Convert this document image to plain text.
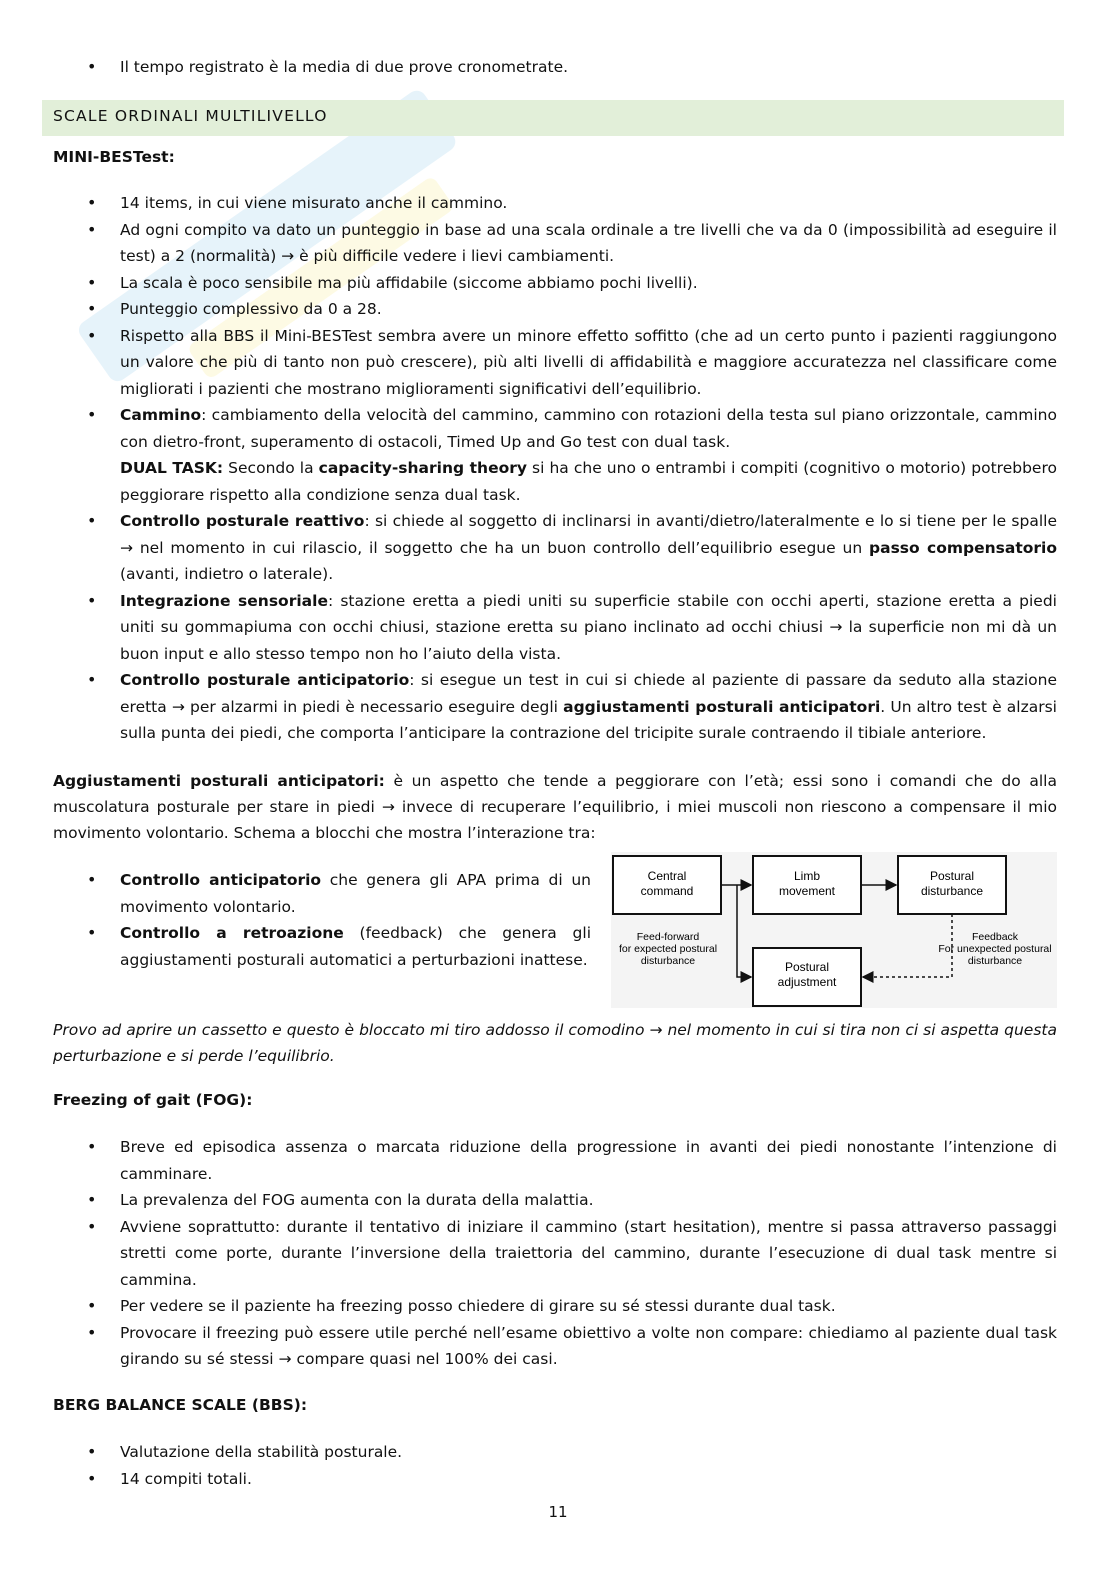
• Il tempo registrato è la media di due prove cronometrate.
SCALE ORDINALI MULTILIVELLO
MINI-BESTest:
• 14 items, in cui viene misurato anche il cammino.
• Ad ogni compito va dato un punteggio in base ad una scala ordinale a tre livelli che va da 0 (impossibilità ad eseguire il test) a 2 (normalità) → è più difficile vedere i lievi cambiamenti.
• La scala è poco sensibile ma più affidabile (siccome abbiamo pochi livelli).
• Punteggio complessivo da 0 a 28.
• Rispetto alla BBS il Mini-BESTest sembra avere un minore effetto soffitto (che ad un certo punto i pazienti raggiungono un valore che più di tanto non può crescere), più alti livelli di affidabilità e maggiore accuratezza nel classificare come migliorati i pazienti che mostrano miglioramenti significativi dell’equilibrio.
• Cammino: cambiamento della velocità del cammino, cammino con rotazioni della testa sul piano orizzontale, cammino con dietro-front, superamento di ostacoli, Timed Up and Go test con dual task.
DUAL TASK: Secondo la capacity-sharing theory si ha che uno o entrambi i compiti (cognitivo o motorio) potrebbero peggiorare rispetto alla condizione senza dual task.
• Controllo posturale reattivo: si chiede al soggetto di inclinarsi in avanti/dietro/lateralmente e lo si tiene per le spalle → nel momento in cui rilascio, il soggetto che ha un buon controllo dell’equilibrio esegue un passo compensatorio (avanti, indietro o laterale).
• Integrazione sensoriale: stazione eretta a piedi uniti su superficie stabile con occhi aperti, stazione eretta a piedi uniti su gommapiuma con occhi chiusi, stazione eretta su piano inclinato ad occhi chiusi → la superficie non mi dà un buon input e allo stesso tempo non ho l’aiuto della vista.
• Controllo posturale anticipatorio: si esegue un test in cui si chiede al paziente di passare da seduto alla stazione eretta → per alzarmi in piedi è necessario eseguire degli aggiustamenti posturali anticipatori. Un altro test è alzarsi sulla punta dei piedi, che comporta l’anticipare la contrazione del tricipite surale contraendo il tibiale anteriore.
Aggiustamenti posturali anticipatori: è un aspetto che tende a peggiorare con l’età; essi sono i comandi che do alla muscolatura posturale per stare in piedi → invece di recuperare l’equilibrio, i miei muscoli non riescono a compensare il mio movimento volontario. Schema a blocchi che mostra l’interazione tra:
• Controllo anticipatorio che genera gli APA prima di un movimento volontario.
• Controllo a retroazione (feedback) che genera gli aggiustamenti posturali automatici a perturbazioni inattese.
Central
command
Limb
movement
Postural
disturbance
Postural
adjustment
Feed-forward
for expected postural
disturbance
Feedback
For unexpected postural
disturbance
Provo ad aprire un cassetto e questo è bloccato mi tiro addosso il comodino → nel momento in cui si tira non ci si aspetta questa perturbazione e si perde l’equilibrio.
Freezing of gait (FOG):
• Breve ed episodica assenza o marcata riduzione della progressione in avanti dei piedi nonostante l’intenzione di camminare.
• La prevalenza del FOG aumenta con la durata della malattia.
• Avviene soprattutto: durante il tentativo di iniziare il cammino (start hesitation), mentre si passa attraverso passaggi stretti come porte, durante l’inversione della traiettoria del cammino, durante l’esecuzione di dual task mentre si cammina.
• Per vedere se il paziente ha freezing posso chiedere di girare su sé stessi durante dual task.
• Provocare il freezing può essere utile perché nell’esame obiettivo a volte non compare: chiediamo al paziente dual task girando su sé stessi → compare quasi nel 100% dei casi.
BERG BALANCE SCALE (BBS):
• Valutazione della stabilità posturale.
• 14 compiti totali.
11
